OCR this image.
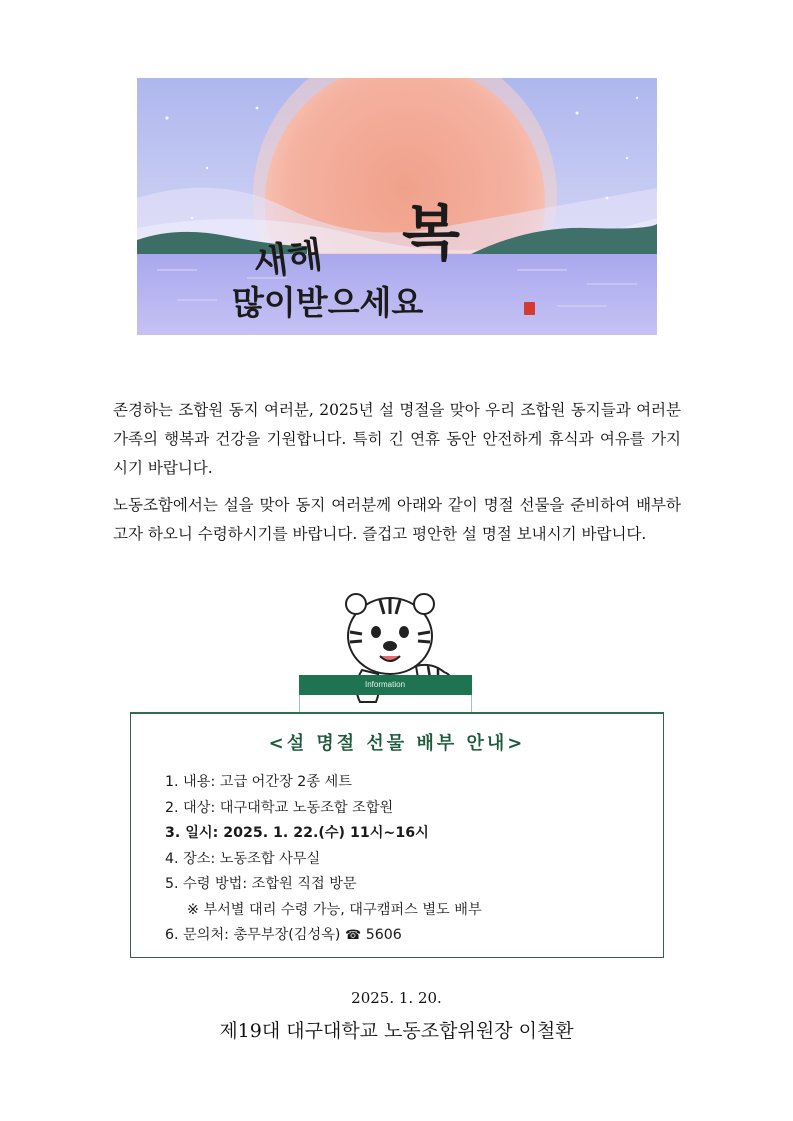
새해 복
많이받으세요

존경하는 조합원 동지 여러분, 2025년 설 명절을 맞아 우리 조합원 동지들과 여러분 가족의 행복과 건강을 기원합니다. 특히 긴 연휴 동안 안전하게 휴식과 여유를 가지시기 바랍니다.

노동조합에서는 설을 맞아 동지 여러분께 아래와 같이 명절 선물을 준비하여 배부하고자 하오니 수령하시기를 바랍니다. 즐겁고 평안한 설 명절 보내시기 바랍니다.

Information
<설 명절 선물 배부 안내>
1. 내용: 고급 어간장 2종 세트
2. 대상: 대구대학교 노동조합 조합원
3. 일시: 2025. 1. 22.(수) 11시~16시
4. 장소: 노동조합 사무실
5. 수령 방법: 조합원 직접 방문
※ 부서별 대리 수령 가능, 대구캠퍼스 별도 배부
6. 문의처: 총무부장(김성옥) ☎ 5606

2025. 1. 20.

제19대 대구대학교 노동조합위원장 이철환
